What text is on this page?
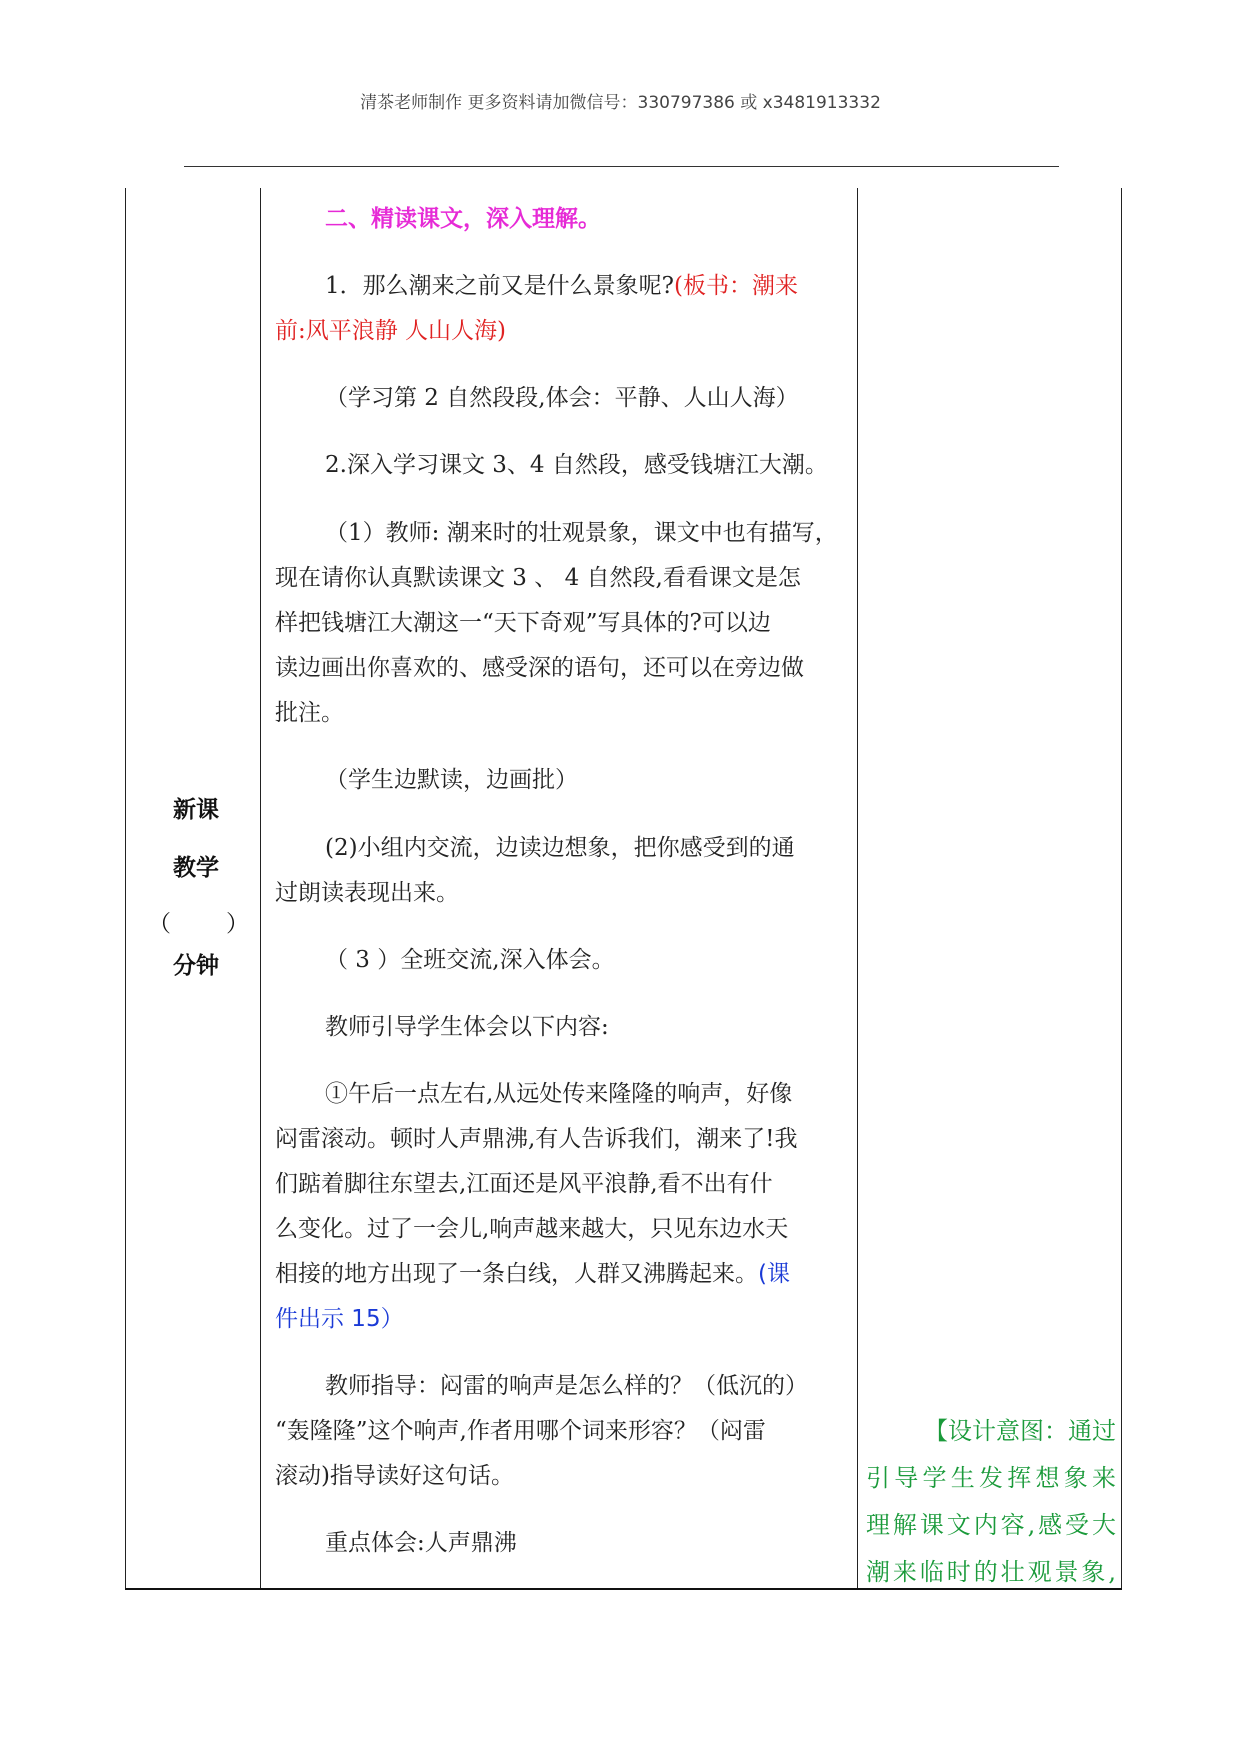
清茶老师制作 更多资料请加微信号：330797386 或 x3481913332
新课
教学
（ ）
分钟

二、精读课文，深入理解。

1．那么潮来之前又是什么景象呢?(板书：潮来

前:风平浪静 人山人海)

（学习第 2 自然段段,体会：平静、人山人海）

2.深入学习课文 3、4 自然段，感受钱塘江大潮。

（1）教师: 潮来时的壮观景象，课文中也有描写，

现在请你认真默读课文 3 、 4 自然段,看看课文是怎

样把钱塘江大潮这一“天下奇观”写具体的?可以边

读边画出你喜欢的、感受深的语句，还可以在旁边做

批注。

（学生边默读，边画批）

(2)小组内交流，边读边想象，把你感受到的通

过朗读表现出来。

（ 3 ）全班交流,深入体会。

教师引导学生体会以下内容:

①午后一点左右,从远处传来隆隆的响声，好像

闷雷滚动。顿时人声鼎沸,有人告诉我们，潮来了!我

们踮着脚往东望去,江面还是风平浪静,看不出有什

么变化。过了一会儿,响声越来越大，只见东边水天

相接的地方出现了一条白线，人群又沸腾起来。(课

件出示 15）

教师指导：闷雷的响声是怎么样的？（低沉的）

“轰隆隆”这个响声,作者用哪个词来形容？（闷雷

滚动)指导读好这句话。

重点体会:人声鼎沸

【设计意图：通过

引导学生发挥想象来

理解课文内容,感受大

潮来临时的壮观景象,
